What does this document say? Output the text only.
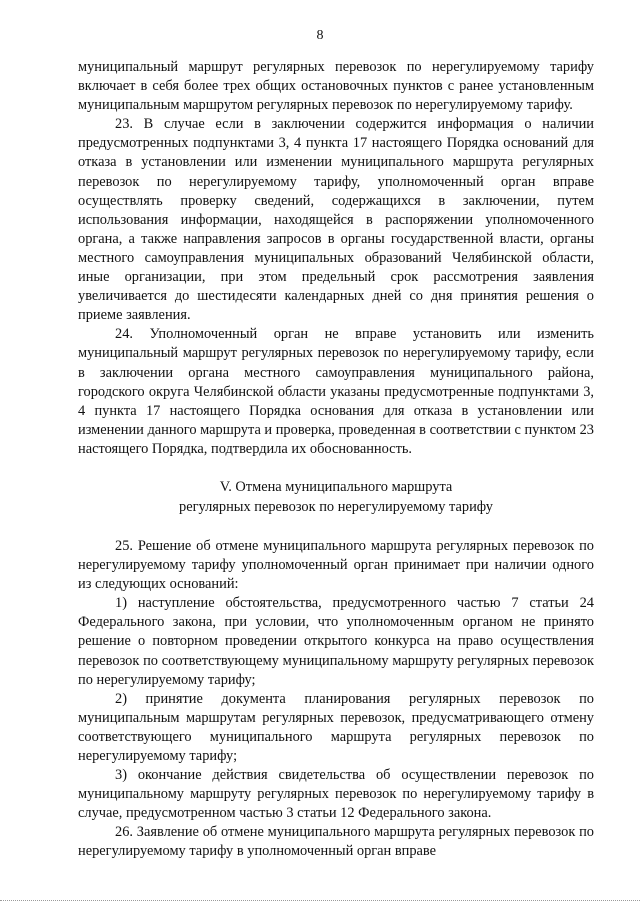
8

муниципальный маршрут регулярных перевозок по нерегулируемому тарифу включает в себя более трех общих остановочных пунктов с ранее установленным муниципальным маршрутом регулярных перевозок по нерегулируемому тарифу.

23. В случае если в заключении содержится информация о наличии предусмотренных подпунктами 3, 4 пункта 17 настоящего Порядка оснований для отказа в установлении или изменении муниципального маршрута регулярных перевозок по нерегулируемому тарифу, уполномоченный орган вправе осуществлять проверку сведений, содержащихся в заключении, путем использования информации, находящейся в распоряжении уполномоченного органа, а также направления запросов в органы государственной власти, органы местного самоуправления муниципальных образований Челябинской области, иные организации, при этом предельный срок рассмотрения заявления увеличивается до шестидесяти календарных дней со дня принятия решения о приеме заявления.

24. Уполномоченный орган не вправе установить или изменить муниципальный маршрут регулярных перевозок по нерегулируемому тарифу, если в заключении органа местного самоуправления муниципального района, городского округа Челябинской области указаны предусмотренные подпунктами 3, 4 пункта 17 настоящего Порядка основания для отказа в установлении или изменении данного маршрута и проверка, проведенная в соответствии с пунктом 23 настоящего Порядка, подтвердила их обоснованность.

V. Отмена муниципального маршрута
регулярных перевозок по нерегулируемому тарифу

25. Решение об отмене муниципального маршрута регулярных перевозок по нерегулируемому тарифу уполномоченный орган принимает при наличии одного из следующих оснований:

1) наступление обстоятельства, предусмотренного частью 7 статьи 24 Федерального закона, при условии, что уполномоченным органом не принято решение о повторном проведении открытого конкурса на право осуществления перевозок по соответствующему муниципальному маршруту регулярных перевозок по нерегулируемому тарифу;

2) принятие документа планирования регулярных перевозок по муниципальным маршрутам регулярных перевозок, предусматривающего отмену соответствующего муниципального маршрута регулярных перевозок по нерегулируемому тарифу;

3) окончание действия свидетельства об осуществлении перевозок по муниципальному маршруту регулярных перевозок по нерегулируемому тарифу в случае, предусмотренном частью 3 статьи 12 Федерального закона.

26. Заявление об отмене муниципального маршрута регулярных перевозок по нерегулируемому тарифу в уполномоченный орган вправе
